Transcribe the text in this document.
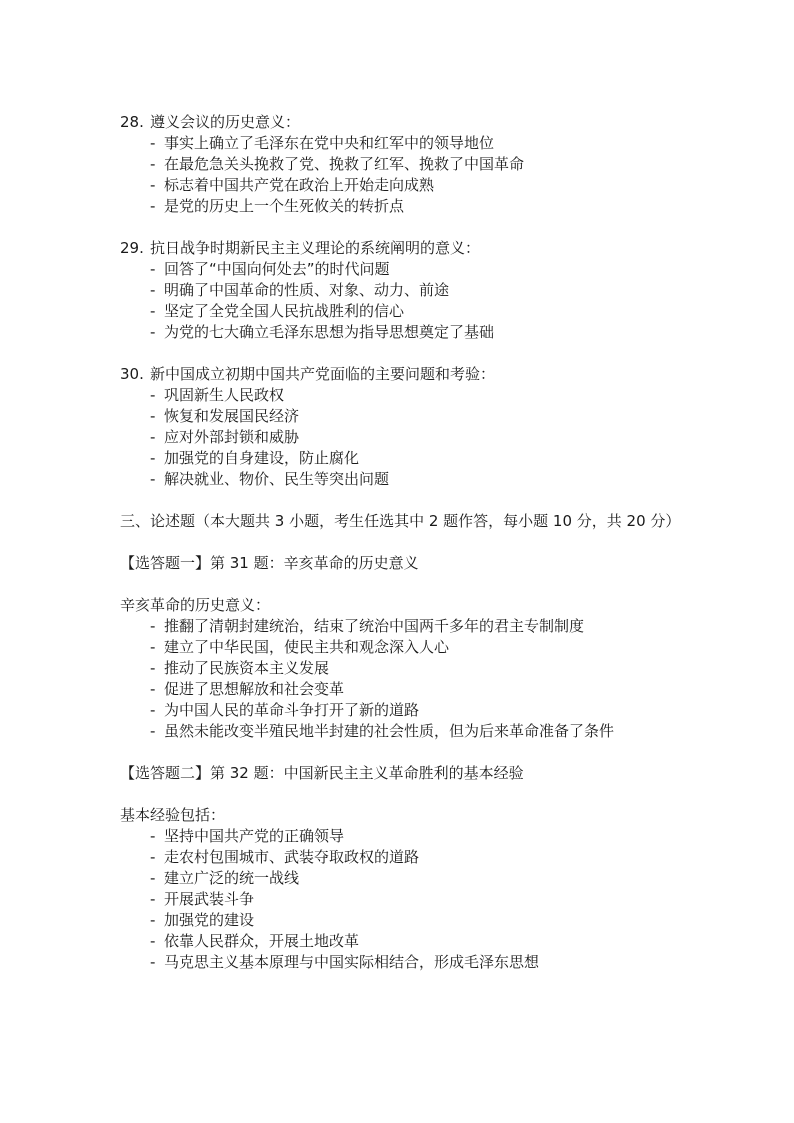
28. 遵义会议的历史意义：
- 事实上确立了毛泽东在党中央和红军中的领导地位
- 在最危急关头挽救了党、挽救了红军、挽救了中国革命
- 标志着中国共产党在政治上开始走向成熟
- 是党的历史上一个生死攸关的转折点
29. 抗日战争时期新民主主义理论的系统阐明的意义：
- 回答了“中国向何处去”的时代问题
- 明确了中国革命的性质、对象、动力、前途
- 坚定了全党全国人民抗战胜利的信心
- 为党的七大确立毛泽东思想为指导思想奠定了基础
30. 新中国成立初期中国共产党面临的主要问题和考验：
- 巩固新生人民政权
- 恢复和发展国民经济
- 应对外部封锁和威胁
- 加强党的自身建设，防止腐化
- 解决就业、物价、民生等突出问题

三、论述题（本大题共 3 小题，考生任选其中 2 题作答，每小题 10 分，共 20 分）

【选答题一】第 31 题：辛亥革命的历史意义

辛亥革命的历史意义：

- 推翻了清朝封建统治，结束了统治中国两千多年的君主专制制度
- 建立了中华民国，使民主共和观念深入人心
- 推动了民族资本主义发展
- 促进了思想解放和社会变革
- 为中国人民的革命斗争打开了新的道路
- 虽然未能改变半殖民地半封建的社会性质，但为后来革命准备了条件

【选答题二】第 32 题：中国新民主主义革命胜利的基本经验

基本经验包括：

- 坚持中国共产党的正确领导
- 走农村包围城市、武装夺取政权的道路
- 建立广泛的统一战线
- 开展武装斗争
- 加强党的建设
- 依靠人民群众，开展土地改革
- 马克思主义基本原理与中国实际相结合，形成毛泽东思想
